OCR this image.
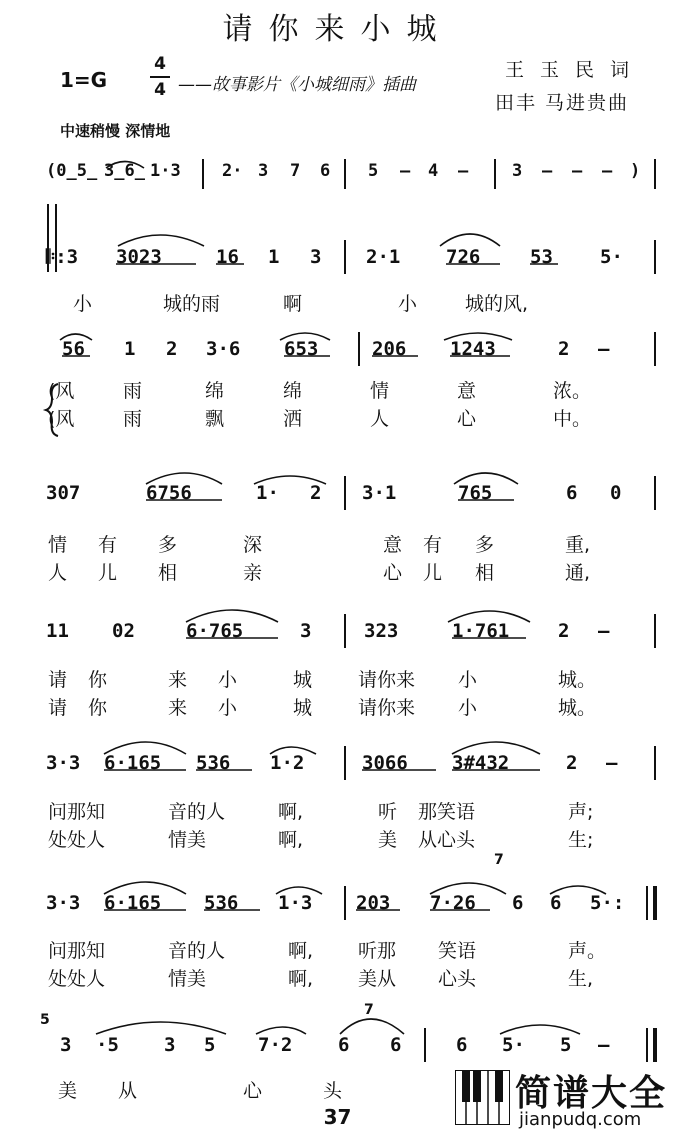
请你来小城
1=G
4
4 ——故事影片《小城细雨》插曲
王玉民词
田丰 马进贵曲
中速稍慢 深情地
(0̲5̲ 3̲6̲ 1·3 2· 3 7 6 5 — 4 —	3 — — — )
𝄆:3 3023	16 1 3 2·1 726	53 5·
小	城的雨	啊	小	城的风,
56 1 2 3·6 653	206 1243	2 —
(风	雨	绵	绵	情	意	浓。
(风	雨	飘	洒	人	心	中。
307	6756	1· 2 3·1	765	6 0
情 有 多	深	意 有 多	重,
人 儿 相	亲	心 儿 相	通,
11 02	6·765	3	323	1·761	2 —
请 你	来 小	城 请你来 小	城。
请 你	来 小	城 请你来 小	城。
3·3 6·165 536 1·2	3066 3#432	2 —
问那知	音的人	啊,	听 那笑语	声;
处处人	情美	啊,	美 从心头	生;
3·3 6·165 536 1·3 203 7·26 6 6 5·:
问那知	音的人	啊, 听那 笑语	声。
处处人	情美	啊, 美从 心头	生,
3 ·5 3 5 7·2 6 6	6 5· 5 —
美 从	心	头
7
7
5
37
简谱大全
jianpudq.com
